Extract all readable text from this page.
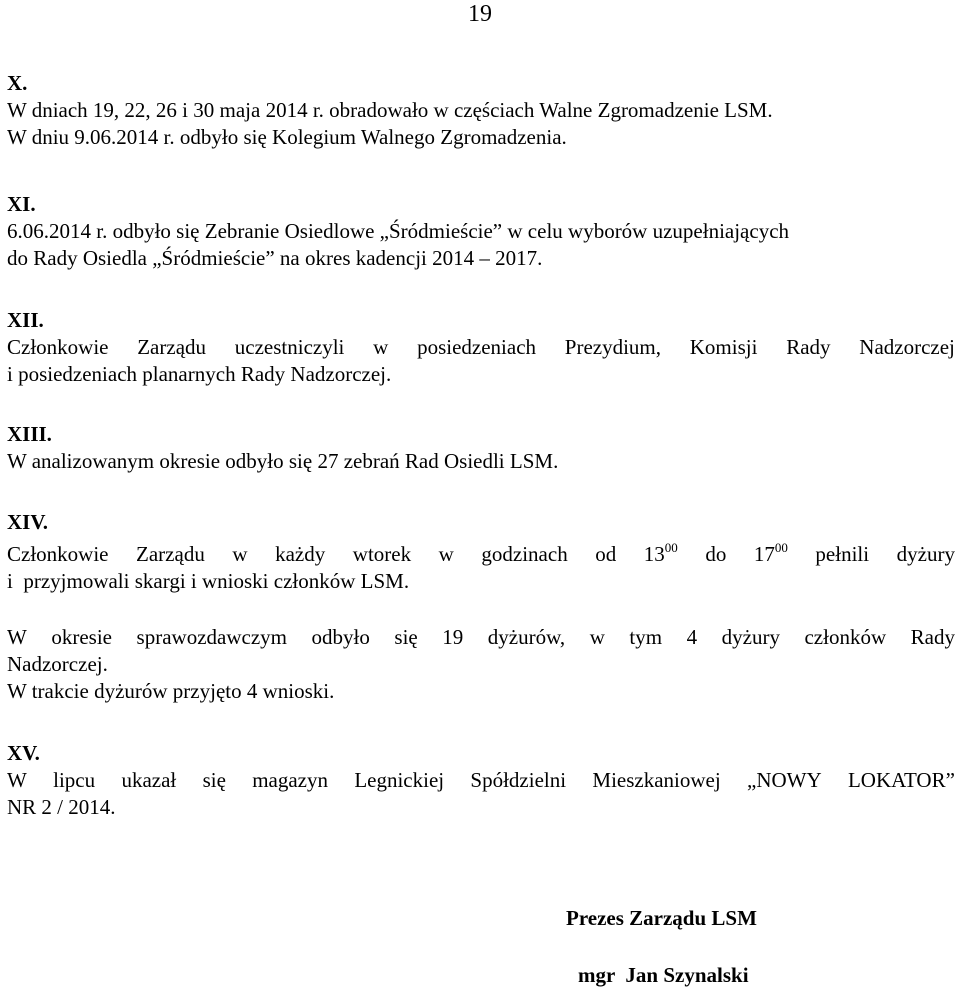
19
X.
W dniach 19, 22, 26 i 30 maja 2014 r. obradowało w częściach Walne Zgromadzenie LSM.
W dniu 9.06.2014 r. odbyło się Kolegium Walnego Zgromadzenia.
XI.
6.06.2014 r. odbyło się Zebranie Osiedlowe „Śródmieście” w celu wyborów uzupełniających
do Rady Osiedla „Śródmieście” na okres kadencji 2014 – 2017.
XII.
Członkowie Zarządu uczestniczyli w posiedzeniach Prezydium, Komisji Rady Nadzorczej
i posiedzeniach planarnych Rady Nadzorczej.
XIII.
W analizowanym okresie odbyło się 27 zebrań Rad Osiedli LSM.
XIV.
Członkowie Zarządu w każdy wtorek w godzinach od $13^{00}$ do $17^{00}$ pełnili dyżury
i  przyjmowali skargi i wnioski członków LSM.
W okresie sprawozdawczym odbyło się 19 dyżurów, w tym 4 dyżury członków Rady
Nadzorczej.
W trakcie dyżurów przyjęto 4 wnioski.
XV.
W lipcu ukazał się magazyn Legnickiej Spółdzielni Mieszkaniowej „NOWY LOKATOR”
NR 2 / 2014.
Prezes Zarządu LSM
mgr  Jan Szynalski
